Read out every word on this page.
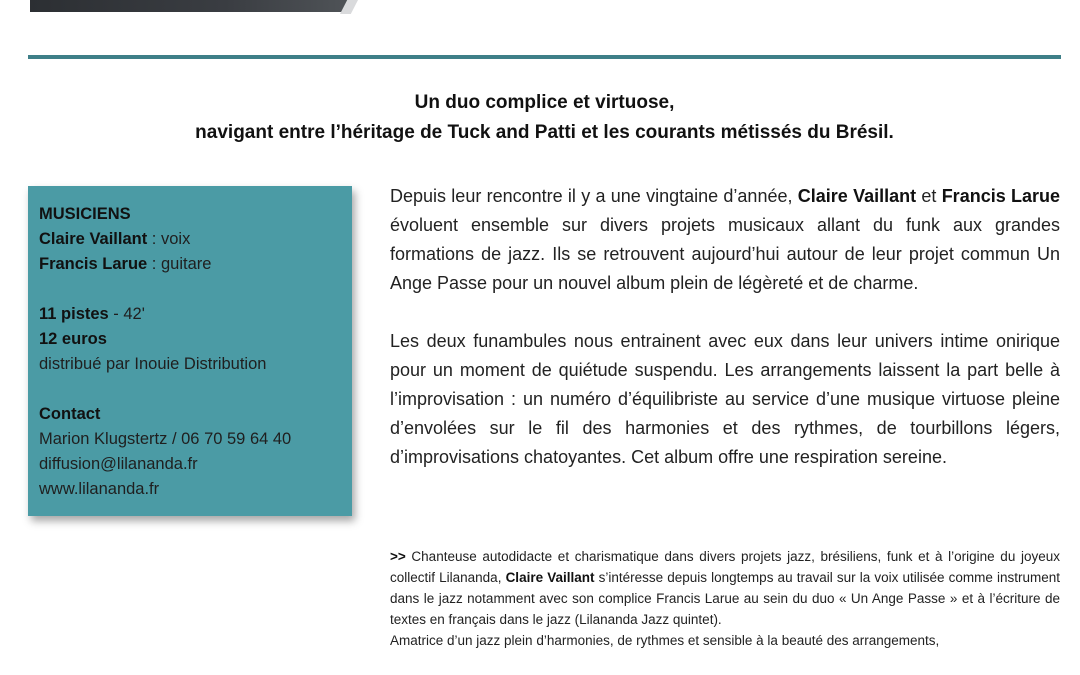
Un duo complice et virtuose,
navigant entre l’héritage de Tuck and Patti et les courants métissés du Brésil.
MUSICIENS
Claire Vaillant : voix
Francis Larue : guitare
11 pistes - 42'
12 euros
distribué par Inouie Distribution
Contact
Marion Klugstertz / 06 70 59 64 40
diffusion@lilananda.fr
www.lilananda.fr

Depuis leur rencontre il y a une vingtaine d’année, Claire Vaillant et Francis Larue évoluent ensemble sur divers projets musicaux allant du funk aux grandes formations de jazz. Ils se retrouvent aujourd’hui autour de leur projet commun Un Ange Passe pour un nouvel album plein de légèreté et de charme.

Les deux funambules nous entrainent avec eux dans leur univers intime onirique pour un moment de quiétude suspendu. Les arrangements laissent la part belle à l’improvisation : un numéro d’équilibriste au service d’une musique virtuose pleine d’envolées sur le fil des harmonies et des rythmes, de tourbillons légers, d’improvisations chatoyantes. Cet album offre une respiration sereine.

>> Chanteuse autodidacte et charismatique dans divers projets jazz, brésiliens, funk et à l’origine du joyeux collectif Lilananda, Claire Vaillant s’intéresse depuis longtemps au travail sur la voix utilisée comme instrument dans le jazz notamment avec son complice Francis Larue au sein du duo « Un Ange Passe » et à l’écriture de textes en français dans le jazz (Lilananda Jazz quintet).

Amatrice d’un jazz plein d’harmonies, de rythmes et sensible à la beauté des arrangements,
